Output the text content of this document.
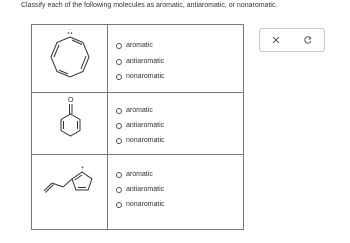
Classify each of the following molecules as aromatic, antiaromatic, or nonaromatic.
-
aromatic
antiaromatic
nonaromatic
O
aromatic
antiaromatic
nonaromatic
+
aromatic
antiaromatic
nonaromatic
